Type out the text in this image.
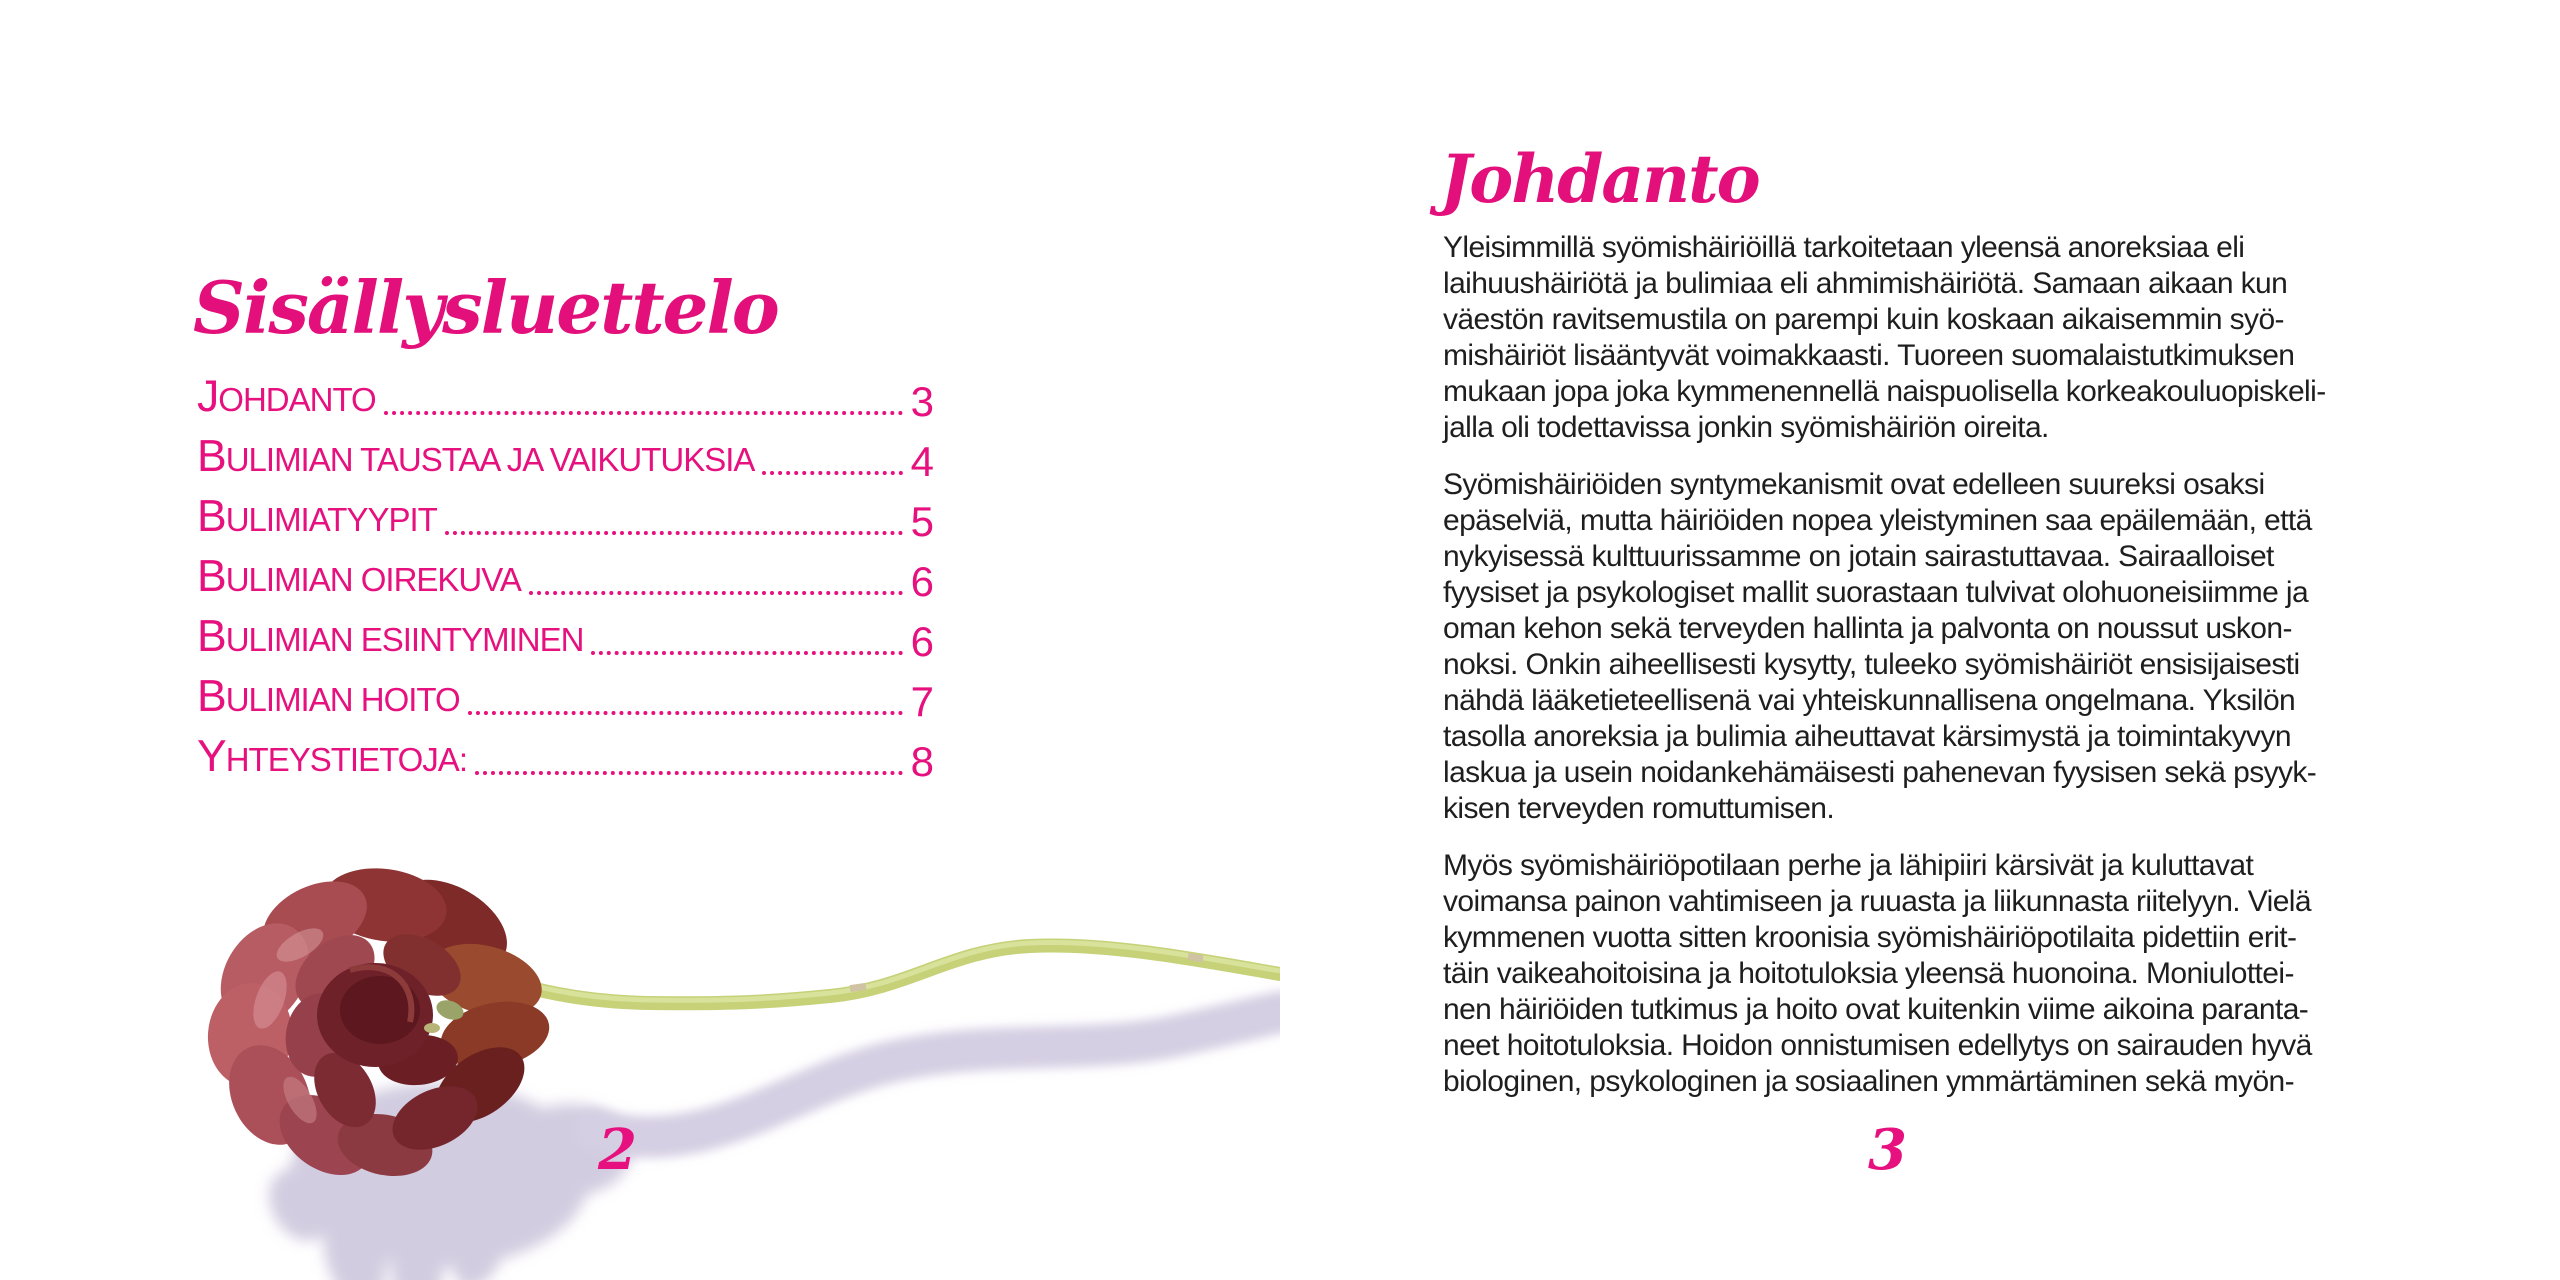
Sisällysluettelo
JOHDANTO	3
BULIMIAN TAUSTAA JA VAIKUTUKSIA	4
BULIMIATYYPIT	5
BULIMIAN OIREKUVA	6
BULIMIAN ESIINTYMINEN	6
BULIMIAN HOITO	7
YHTEYSTIETOJA:	8
2
Johdanto
Yleisimmillä syömishäiriöillä tarkoitetaan yleensä anoreksiaa eli
laihuushäiriötä ja bulimiaa eli ahmimishäiriötä. Samaan aikaan kun
väestön ravitsemustila on parempi kuin koskaan aikaisemmin syö-
mishäiriöt lisääntyvät voimakkaasti. Tuoreen suomalaistutkimuksen
mukaan jopa joka kymmenennellä naispuolisella korkeakouluopiskeli-
jalla oli todettavissa jonkin syömishäiriön oireita.
Syömishäiriöiden syntymekanismit ovat edelleen suureksi osaksi
epäselviä, mutta häiriöiden nopea yleistyminen saa epäilemään, että
nykyisessä kulttuurissamme on jotain sairastuttavaa. Sairaalloiset
fyysiset ja psykologiset mallit suorastaan tulvivat olohuoneisiimme ja
oman kehon sekä terveyden hallinta ja palvonta on noussut uskon-
noksi. Onkin aiheellisesti kysytty, tuleeko syömishäiriöt ensisijaisesti
nähdä lääketieteellisenä vai yhteiskunnallisena ongelmana. Yksilön
tasolla anoreksia ja bulimia aiheuttavat kärsimystä ja toimintakyvyn
laskua ja usein noidankehämäisesti pahenevan fyysisen sekä psyyk-
kisen terveyden romuttumisen.
Myös syömishäiriöpotilaan perhe ja lähipiiri kärsivät ja kuluttavat
voimansa painon vahtimiseen ja ruuasta ja liikunnasta riitelyyn. Vielä
kymmenen vuotta sitten kroonisia syömishäiriöpotilaita pidettiin erit-
täin vaikeahoitoisina ja hoitotuloksia yleensä huonoina. Moniulottei-
nen häiriöiden tutkimus ja hoito ovat kuitenkin viime aikoina paranta-
neet hoitotuloksia. Hoidon onnistumisen edellytys on sairauden hyvä
biologinen, psykologinen ja sosiaalinen ymmärtäminen sekä myön-
3
